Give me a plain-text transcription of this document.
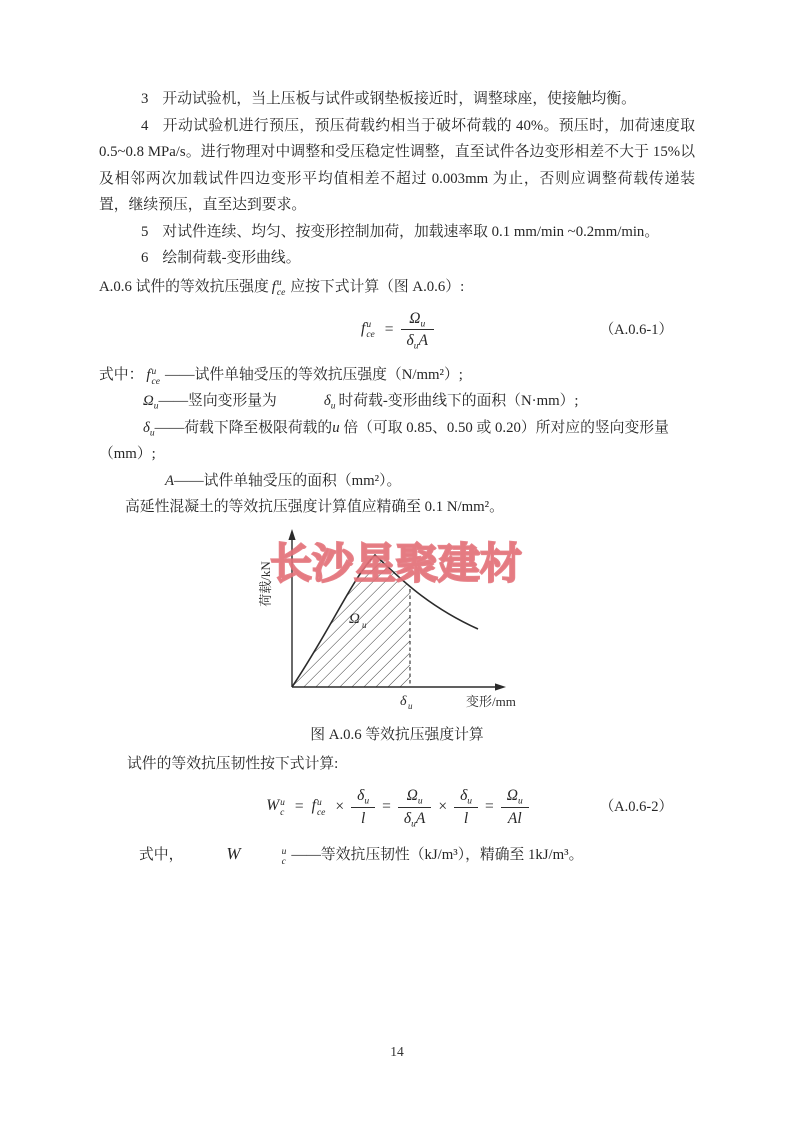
长沙星聚建材

3 开动试验机，当上压板与试件或钢垫板接近时，调整球座，使接触均衡。

4 开动试验机进行预压，预压荷载约相当于破坏荷载的 40%。预压时，加荷速度取 0.5~0.8 MPa/s。进行物理对中调整和受压稳定性调整，直至试件各边变形相差不大于 15%以及相邻两次加载试件四边变形平均值相差不超过 0.003mm 为止，否则应调整荷载传递装置，继续预压，直至达到要求。

5 对试件连续、均匀、按变形控制加荷，加载速率取 0.1 mm/min ~0.2mm/min。

6 绘制荷载-变形曲线。

A.0.6 试件的等效抗压强度 f u
ce 应按下式计算（图 A.0.6）:

f u
ce = $\frac{\Omega_u}{\delta_uA}$	（A.0.6-1）

式中： f u
ce ——试件单轴受压的等效抗压强度（N/mm²）;

$\Omega_u——$竖向变形量为	$\delta_u$ 时荷载-变形曲线下的面积（N·mm）;

$\delta_u——$荷载下降至极限荷载的u 倍（可取 0.85、0.50 或 0.20）所对应的竖向变形量

（mm）;

A——试件单轴受压的面积（mm²）。

高延性混凝土的等效抗压强度计算值应精确至 0.1 N/mm²。

荷载/kN
变形/mm
Ω u
δ u

图 A.0.6 等效抗压强度计算

试件的等效抗压韧性按下式计算:

W u
c = f u
ce × $\frac{\delta_u}{l} = \frac{\Omega_u}{\delta_uA} \times \frac{\delta_u}{l} = \frac{\Omega_u}{Al}$	（A.0.6-2）

式中，	W	u
c ——等效抗压韧性（kJ/m³），精确至 1kJ/m³。

14
